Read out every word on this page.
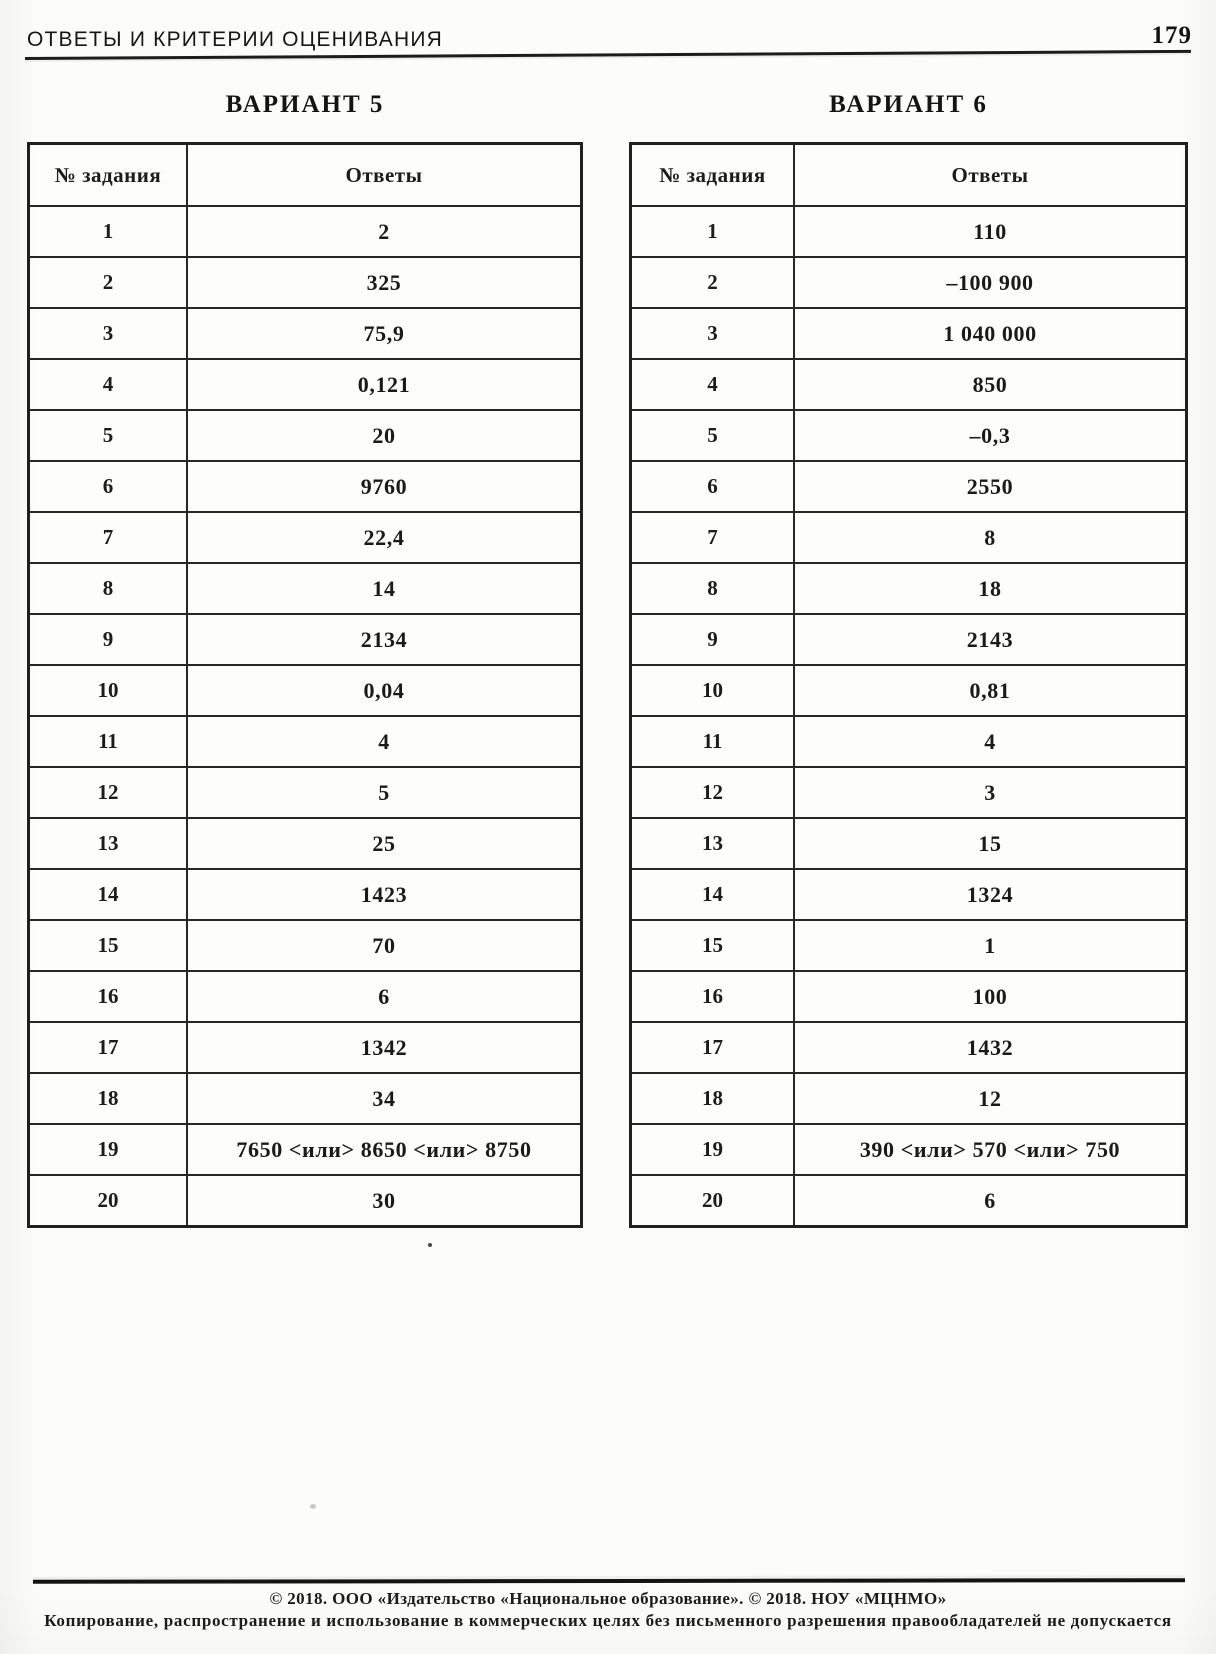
ОТВЕТЫ И КРИТЕРИИ ОЦЕНИВАНИЯ	179
ВАРИАНТ 5
№ задания	Ответы
1	2
2	325
3	75,9
4	0,121
5	20
6	9760
7	22,4
8	14
9	2134
10	0,04
11	4
12	5
13	25
14	1423
15	70
16	6
17	1342
18	34
19	7650 <или> 8650 <или> 8750
20	30
ВАРИАНТ 6
№ задания	Ответы
1	110
2	–100 900
3	1 040 000
4	850
5	–0,3
6	2550
7	8
8	18
9	2143
10	0,81
11	4
12	3
13	15
14	1324
15	1
16	100
17	1432
18	12
19	390 <или> 570 <или> 750
20	6
© 2018. ООО «Издательство «Национальное образование». © 2018. НОУ «МЦНМО»
Копирование, распространение и использование в коммерческих целях без письменного разрешения правообладателей не допускается
